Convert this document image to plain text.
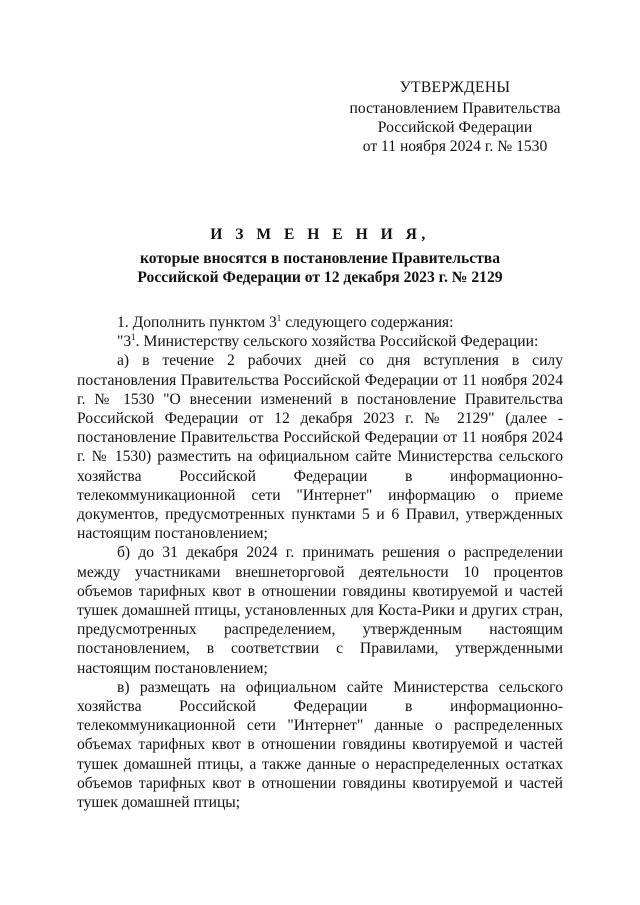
УТВЕРЖДЕНЫ
постановлением Правительства
Российской Федерации
от 11 ноября 2024 г. № 1530
И З М Е Н Е Н И Я,
которые вносятся в постановление Правительства
Российской Федерации от 12 декабря 2023 г. № 2129

1. Дополнить пунктом $3^1$ следующего содержания:

"$3^1$. Министерству сельского хозяйства Российской Федерации:

а) в течение 2 рабочих дней со дня вступления в силу постановления Правительства Российской Федерации от 11 ноября 2024 г. № 1530 "О внесении изменений в постановление Правительства Российской Федерации от 12 декабря 2023 г. № 2129" (далее - постановление Правительства Российской Федерации от 11 ноября 2024 г. № 1530) разместить на официальном сайте Министерства сельского хозяйства Российской Федерации в информационно-телекоммуникационной сети "Интернет" информацию о приеме документов, предусмотренных пунктами 5 и 6 Правил, утвержденных настоящим постановлением;

б) до 31 декабря 2024 г. принимать решения о распределении между участниками внешнеторговой деятельности 10 процентов объемов тарифных квот в отношении говядины квотируемой и частей тушек домашней птицы, установленных для Коста-Рики и других стран, предусмотренных распределением, утвержденным настоящим постановлением, в соответствии с Правилами, утвержденными настоящим постановлением;

в) размещать на официальном сайте Министерства сельского хозяйства Российской Федерации в информационно-телекоммуникационной сети "Интернет" данные о распределенных объемах тарифных квот в отношении говядины квотируемой и частей тушек домашней птицы, а также данные о нераспределенных остатках объемов тарифных квот в отношении говядины квотируемой и частей тушек домашней птицы;
